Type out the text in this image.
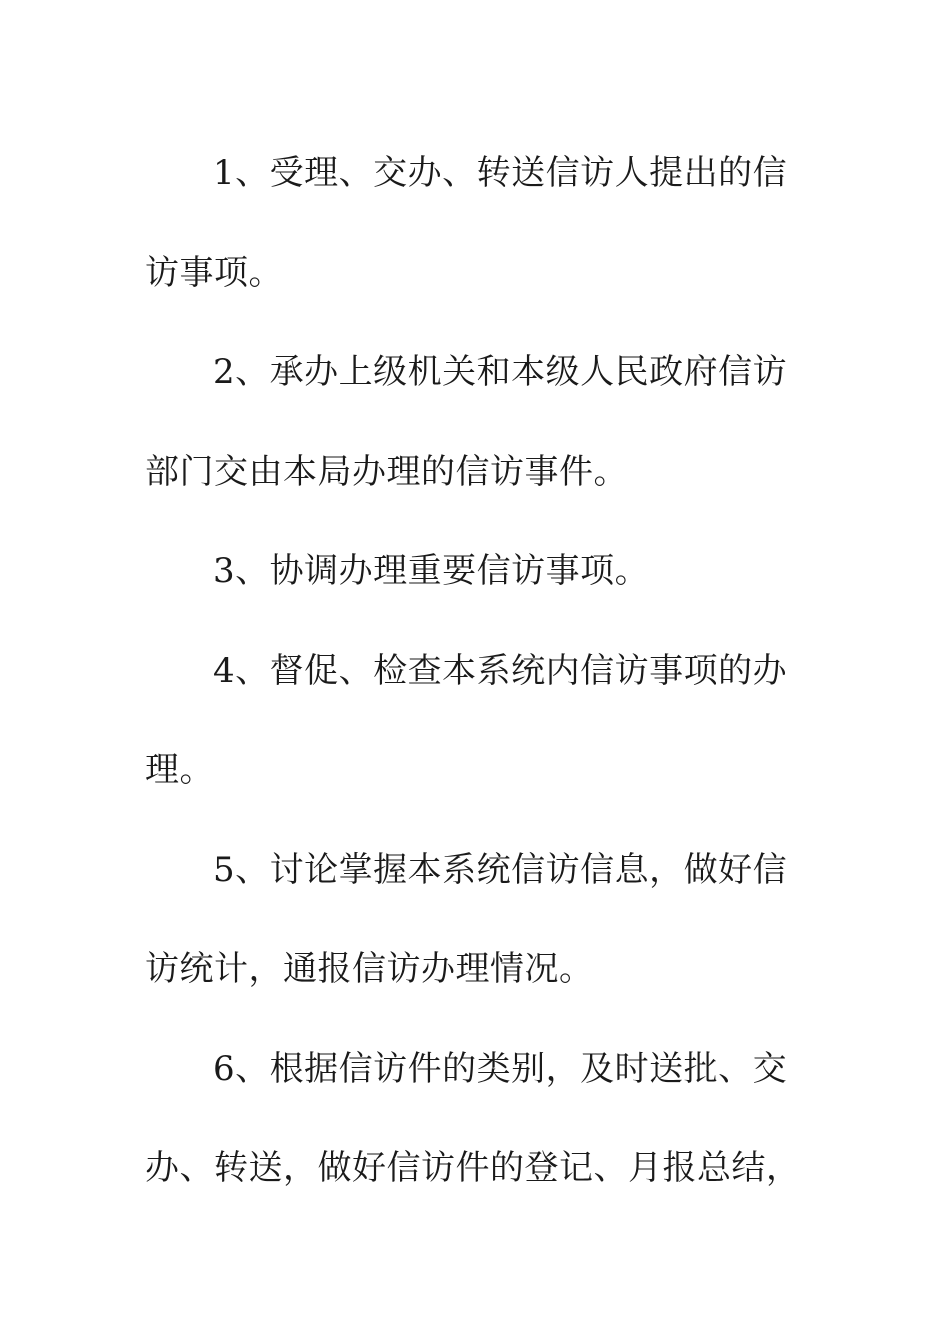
1、受理、交办、转送信访人提出的信
访事项。
2、承办上级机关和本级人民政府信访
部门交由本局办理的信访事件。
3、协调办理重要信访事项。
4、督促、检查本系统内信访事项的办
理。
5、讨论掌握本系统信访信息，做好信
访统计，通报信访办理情况。
6、根据信访件的类别，及时送批、交
办、转送，做好信访件的登记、月报总结，
